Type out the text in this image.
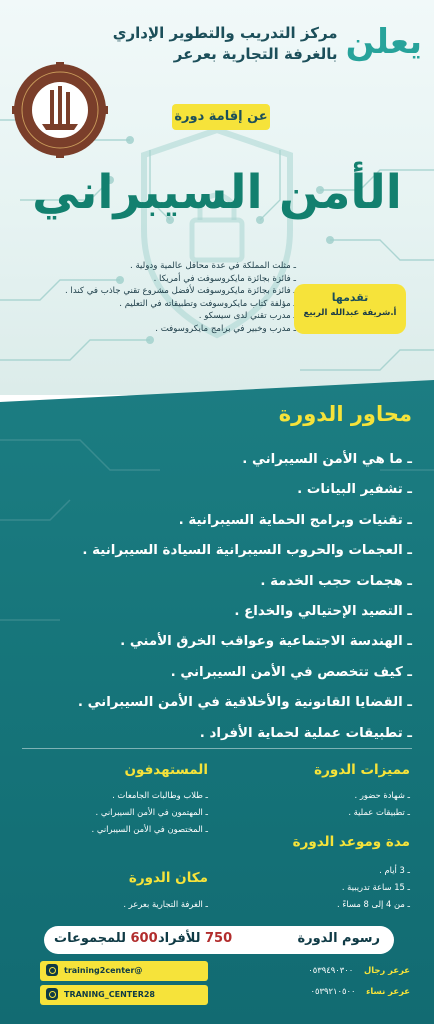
يعلن
مركز التدريب والتطوير الإداري
بالغرفة التجارية بعرعر
عن إقامة دورة
الأمن السيبراني
ـ مثلت المملكة في عدة محافل عالمية ودولية .
ـ فائزة بجائزة مايكروسوفت في أمريكا .
ـ فائزة بجائزة مايكروسوفت لأفضل مشروع تقني جاذب في كندا .
ـ مؤلفة كتاب مايكروسوفت وتطبيقاته في التعليم .
ـ مدرب تقني لدى سيسكو .
ـ مدرب وخبير في برامج مايكروسوفت .
تقدمها
أ.شريفة عبدالله الربيع
محاور الدورة
ـ ما هي الأمن السيبراني .
ـ تشفير البيانات .
ـ تقنيات وبرامج الحماية السيبرانية .
ـ العجمات والحروب السيبرانية السيادة السيبرانية .
ـ هجمات حجب الخدمة .
ـ التصيد الإحتيالي والخداع .
ـ الهندسة الاجتماعية وعواقب الخرق الأمني .
ـ كيف تتخصص في الأمن السيبراني .
ـ القضايا القانونية والأخلاقية في الأمن السيبراني .
ـ تطبيقات عملية لحماية الأفراد .
مميزات الدورة
ـ شهادة حضور .
ـ تطبيقات عملية .
المستهدفون
ـ طلاب وطالبات الجامعات .
ـ المهتمون في الأمن السيبراني .
ـ المختصون في الأمن السيبراني .
مدة وموعد الدورة
ـ 3 أيام .
ـ 15 ساعة تدريبية .
ـ من 4 إلى 8 مساءً .
مكان الدورة
ـ الغرفة التجارية بعرعر .
رسوم الدورة
750 للأفراد
600 للمجموعات
عرعر رجال ٠٥٣٩٤٩٠٣٠٠
عرعر نساء ٠٥٣٩٢١٠٥٠٠
training2center@
TRANING_CENTER28
